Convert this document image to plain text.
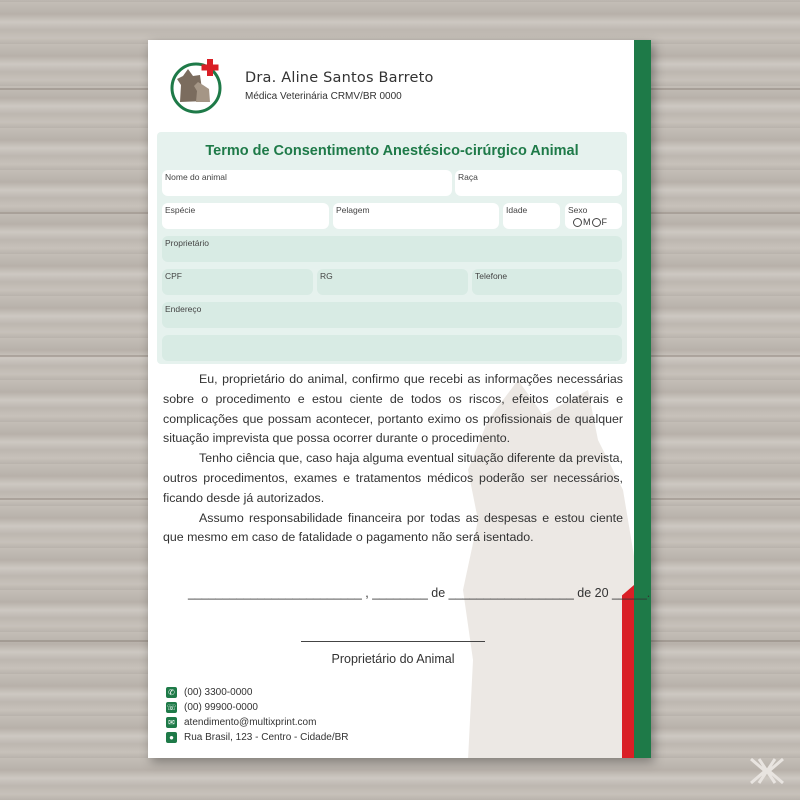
Dra. Aline Santos Barreto
Médica Veterinária CRMV/BR 0000
Termo de Consentimento Anestésico-cirúrgico Animal
Nome do animal	Raça
Espécie	Pelagem	Idade	Sexo
M F
Proprietário
CPF	RG	Telefone
Endereço

Eu, proprietário do animal, confirmo que recebi as informações necessárias sobre o procedimento e estou ciente de todos os riscos, efeitos colaterais e complicações que possam acontecer, portanto eximo os profissionais de qualquer situação imprevista que possa ocorrer durante o procedimento.

Tenho ciência que, caso haja alguma eventual situação diferente da prevista, outros procedimentos, exames e tratamentos médicos poderão ser necessários, ficando desde já autorizados.

Assumo responsabilidade financeira por todas as despesas e estou ciente que mesmo em caso de fatalidade o pagamento não será isentado.

_________________________ , ________ de __________________ de 20 _____.
Proprietário do Animal
✆ (00) 3300-0000
☏ (00) 99900-0000
✉ atendimento@multixprint.com
●	Rua Brasil, 123 - Centro - Cidade/BR
